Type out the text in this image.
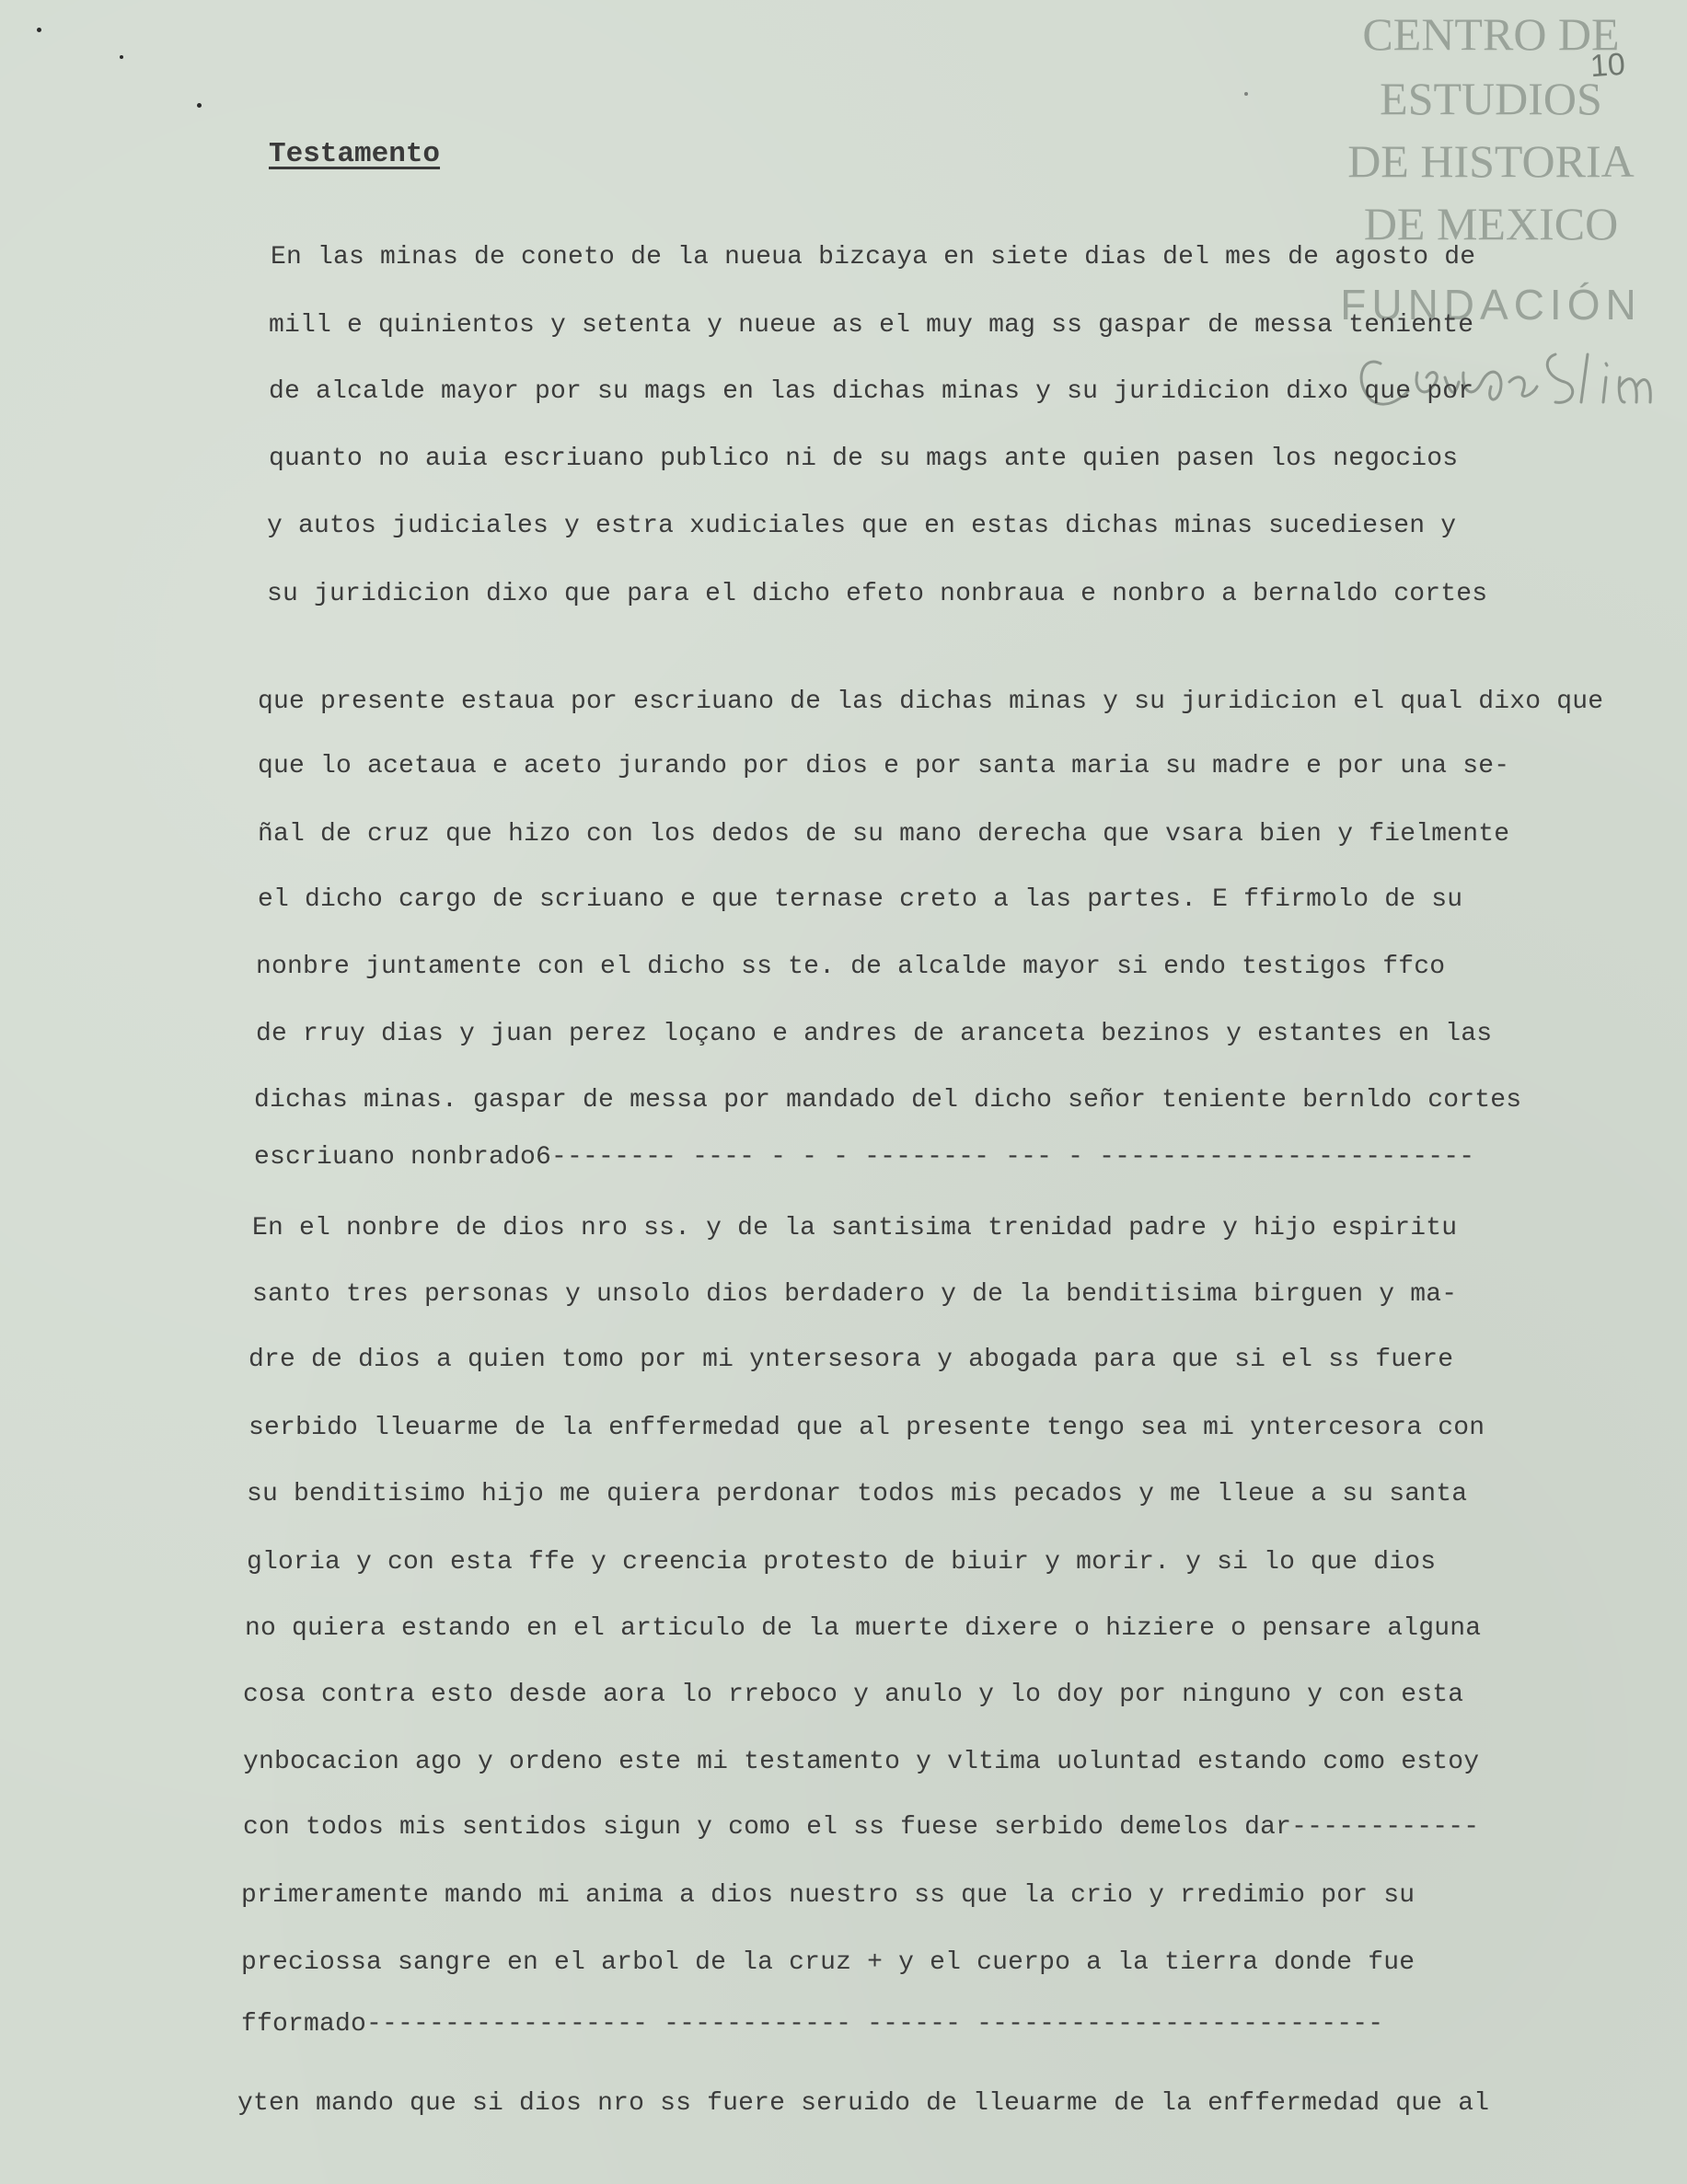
CENTRO DE
ESTUDIOS
DE HISTORIA
DE MEXICO
FUNDACIÓN
10
Testamento
En las minas de coneto de la nueua bizcaya en siete dias del mes de agosto de
mill e quinientos y setenta y nueue as el muy mag ss gaspar de messa teniente
de alcalde mayor por su mags en las dichas minas y su juridicion dixo que por
quanto no auia escriuano publico ni de su mags ante quien pasen los negocios
y autos judiciales y estra xudiciales que en estas dichas minas sucediesen y
su juridicion dixo que para el dicho efeto nonbraua e nonbro a bernaldo cortes
que presente estaua por escriuano de las dichas minas y su juridicion el qual dixo que
que lo acetaua e aceto jurando por dios e por santa maria su madre e por una se-
ñal de cruz que hizo con los dedos de su mano derecha que vsara bien y fielmente
el dicho cargo de scriuano e que ternase creto a las partes. E ffirmolo de su
nonbre juntamente con el dicho ss te. de alcalde mayor si endo testigos ffco
de rruy dias y juan perez loçano e andres de aranceta bezinos y estantes en las
dichas minas. gaspar de messa por mandado del dicho señor teniente bernldo cortes
escriuano nonbrado6-------- ---- - - - -------- --- - ------------------------
En el nonbre de dios nro ss. y de la santisima trenidad padre y hijo espiritu
santo tres personas y unsolo dios berdadero y de la benditisima birguen y ma-
dre de dios a quien tomo por mi yntersesora y abogada para que si el ss fuere
serbido lleuarme de la enffermedad que al presente tengo sea mi yntercesora con
su benditisimo hijo me quiera perdonar todos mis pecados y me lleue a su santa
gloria y con esta ffe y creencia protesto de biuir y morir. y si lo que dios
no quiera estando en el articulo de la muerte dixere o hiziere o pensare alguna
cosa contra esto desde aora lo rreboco y anulo y lo doy por ninguno y con esta
ynbocacion ago y ordeno este mi testamento y vltima uoluntad estando como estoy
con todos mis sentidos sigun y como el ss fuese serbido demelos dar------------
primeramente mando mi anima a dios nuestro ss que la crio y rredimio por su
preciossa sangre en el arbol de la cruz + y el cuerpo a la tierra donde fue
fformado------------------ ------------ ------ --------------------------
yten mando que si dios nro ss fuere seruido de lleuarme de la enffermedad que al
